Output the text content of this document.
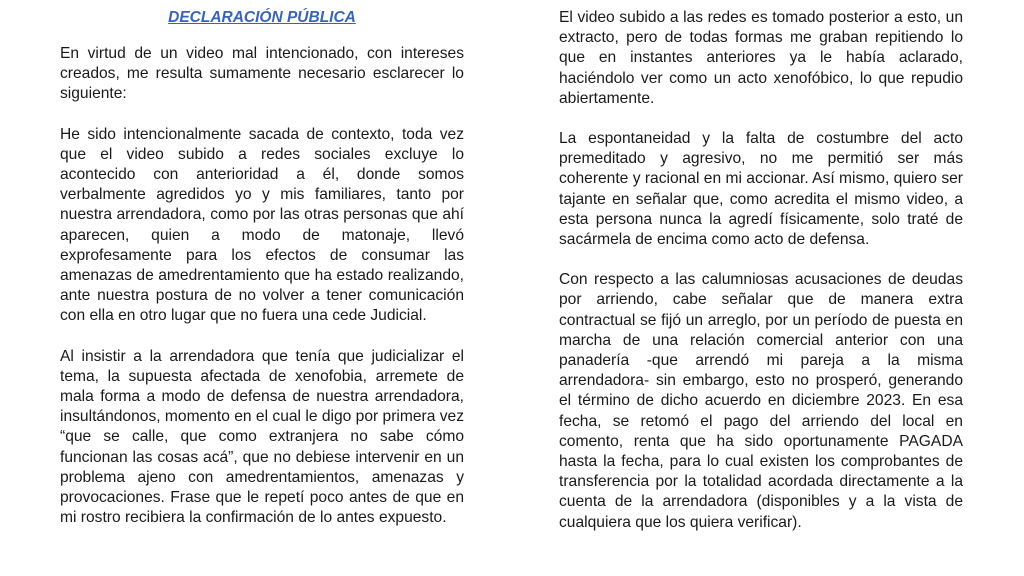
DECLARACIÓN PÚBLICA

En virtud de un video mal intencionado, con intereses creados, me resulta sumamente necesario esclarecer lo siguiente:

He sido intencionalmente sacada de contexto, toda vez que el video subido a redes sociales excluye lo acontecido con anterioridad a él, donde somos verbalmente agredidos yo y mis familiares, tanto por nuestra arrendadora, como por las otras personas que ahí aparecen, quien a modo de matonaje, llevó exprofesamente para los efectos de consumar las amenazas de amedrentamiento que ha estado realizando, ante nuestra postura de no volver a tener comunicación con ella en otro lugar que no fuera una cede Judicial.

Al insistir a la arrendadora que tenía que judicializar el tema, la supuesta afectada de xenofobia, arremete de mala forma a modo de defensa de nuestra arrendadora, insultándonos, momento en el cual le digo por primera vez “que se calle, que como extranjera no sabe cómo funcionan las cosas acá”, que no debiese intervenir en un problema ajeno con amedrentamientos, amenazas y provocaciones. Frase que le repetí poco antes de que en mi rostro recibiera la confirmación de lo antes expuesto.

El video subido a las redes es tomado posterior a esto, un extracto, pero de todas formas me graban repitiendo lo que en instantes anteriores ya le había aclarado, haciéndolo ver como un acto xenofóbico, lo que repudio abiertamente.

La espontaneidad y la falta de costumbre del acto premeditado y agresivo, no me permitió ser más coherente y racional en mi accionar. Así mismo, quiero ser tajante en señalar que, como acredita el mismo video, a esta persona nunca la agredí físicamente, solo traté de sacármela de encima como acto de defensa.

Con respecto a las calumniosas acusaciones de deudas por arriendo, cabe señalar que de manera extra contractual se fijó un arreglo, por un período de puesta en marcha de una relación comercial anterior con una panadería -que arrendó mi pareja a la misma arrendadora- sin embargo, esto no prosperó, generando el término de dicho acuerdo en diciembre 2023. En esa fecha, se retomó el pago del arriendo del local en comento, renta que ha sido oportunamente PAGADA hasta la fecha, para lo cual existen los comprobantes de transferencia por la totalidad acordada directamente a la cuenta de la arrendadora (disponibles y a la vista de cualquiera que los quiera verificar).
